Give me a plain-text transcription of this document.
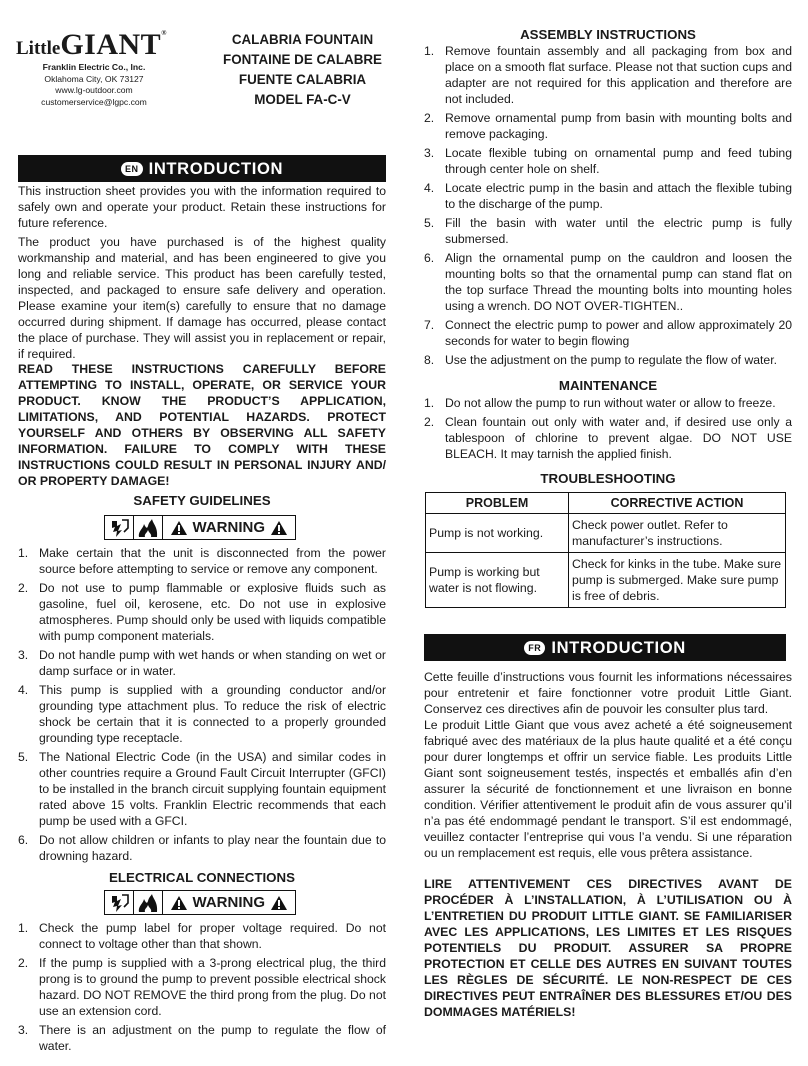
LittleGIANT®
Franklin Electric Co., Inc.
Oklahoma City, OK 73127
www.lg-outdoor.com
customerservice@lgpc.com
CALABRIA FOUNTAIN
FONTAINE DE CALABRE
FUENTE CALABRIA
MODEL FA-C-V
EN INTRODUCTION
This instruction sheet provides you with the information required to safely own and operate your product. Retain these instructions for future reference.
The product you have purchased is of the highest quality workmanship and material, and has been engineered to give you long and reliable service. This product has been carefully tested, inspected, and packaged to ensure safe delivery and operation. Please examine your item(s) carefully to ensure that no damage occurred during shipment. If damage has occurred, please contact the place of purchase. They will assist you in replacement or repair, if required.
READ THESE INSTRUCTIONS CAREFULLY BEFORE ATTEMPTING TO INSTALL, OPERATE, OR SERVICE YOUR PRODUCT. KNOW THE PRODUCT’S APPLICATION, LIMITATIONS, AND POTENTIAL HAZARDS. PROTECT YOURSELF AND OTHERS BY OBSERVING ALL SAFETY INFORMATION. FAILURE TO COMPLY WITH THESE INSTRUCTIONS COULD RESULT IN PERSONAL INJURY AND/ OR PROPERTY DAMAGE!
SAFETY GUIDELINES
WARNING
1. Make certain that the unit is disconnected from the power source before attempting to service or remove any component.
2. Do not use to pump flammable or explosive fluids such as gasoline, fuel oil, kerosene, etc. Do not use in explosive atmospheres. Pump should only be used with liquids compatible with pump component materials.
3. Do not handle pump with wet hands or when standing on wet or damp surface or in water.
4. This pump is supplied with a grounding conductor and/or grounding type attachment plus. To reduce the risk of electric shock be certain that it is connected to a properly grounded grounding type receptacle.
5. The National Electric Code (in the USA) and similar codes in other countries require a Ground Fault Circuit Interrupter (GFCI) to be installed in the branch circuit supplying fountain equipment rated above 15 volts. Franklin Electric recommends that each pump be used with a GFCI.
6. Do not allow children or infants to play near the fountain due to drowning hazard.
ELECTRICAL CONNECTIONS
WARNING
1. Check the pump label for proper voltage required. Do not connect to voltage other than that shown.
2. If the pump is supplied with a 3-prong electrical plug, the third prong is to ground the pump to prevent possible electrical shock hazard. DO NOT REMOVE the third prong from the plug. Do not use an extension cord.
3. There is an adjustment on the pump to regulate the flow of water.
ASSEMBLY INSTRUCTIONS
1. Remove fountain assembly and all packaging from box and place on a smooth flat surface. Please not that suction cups and adapter are not required for this application and therefore are not included.
2. Remove ornamental pump from basin with mounting bolts and remove packaging.
3. Locate flexible tubing on ornamental pump and feed tubing through center hole on shelf.
4. Locate electric pump in the basin and attach the flexible tubing to the discharge of the pump.
5. Fill the basin with water until the electric pump is fully submersed.
6. Align the ornamental pump on the cauldron and loosen the mounting bolts so that the ornamental pump can stand flat on the top surface Thread the mounting bolts into mounting holes using a wrench. DO NOT OVER-TIGHTEN..
7. Connect the electric pump to power and allow approximately 20 seconds for water to begin flowing
8. Use the adjustment on the pump to regulate the flow of water.
MAINTENANCE
1. Do not allow the pump to run without water or allow to freeze.
2. Clean fountain out only with water and, if desired use only a tablespoon of chlorine to prevent algae. DO NOT USE BLEACH. It may tarnish the applied finish.
TROUBLESHOOTING
PROBLEM	CORRECTIVE ACTION
Pump is not working.	Check power outlet. Refer to manufacturer’s instructions.
Pump is working but water is not flowing.	Check for kinks in the tube. Make sure pump is submerged. Make sure pump is free of debris.
FR INTRODUCTION
Cette feuille d’instructions vous fournit les informations nécessaires pour entretenir et faire fonctionner votre produit Little Giant. Conservez ces directives afin de pouvoir les consulter plus tard.
Le produit Little Giant que vous avez acheté a été soigneusement fabriqué avec des matériaux de la plus haute qualité et a été conçu pour durer longtemps et offrir un service fiable. Les produits Little Giant sont soigneusement testés, inspectés et emballés afin d’en assurer la sécurité de fonctionnement et une livraison en bonne condition. Vérifier attentivement le produit afin de vous assurer qu’il n’a pas été endommagé pendant le transport. S’il est endommagé, veuillez contacter l’entreprise qui vous l’a vendu. Si une réparation ou un remplacement est requis, elle vous prêtera assistance.
LIRE ATTENTIVEMENT CES DIRECTIVES AVANT DE PROCÉDER À L’INSTALLATION, À L’UTILISATION OU À L’ENTRETIEN DU PRODUIT LITTLE GIANT. SE FAMILIARISER AVEC LES APPLICATIONS, LES LIMITES ET LES RISQUES POTENTIELS DU PRODUIT. ASSURER SA PROPRE PROTECTION ET CELLE DES AUTRES EN SUIVANT TOUTES LES RÈGLES DE SÉCURITÉ. LE NON-RESPECT DE CES DIRECTIVES PEUT ENTRAÎNER DES BLESSURES ET/OU DES DOMMAGES MATÉRIELS!
